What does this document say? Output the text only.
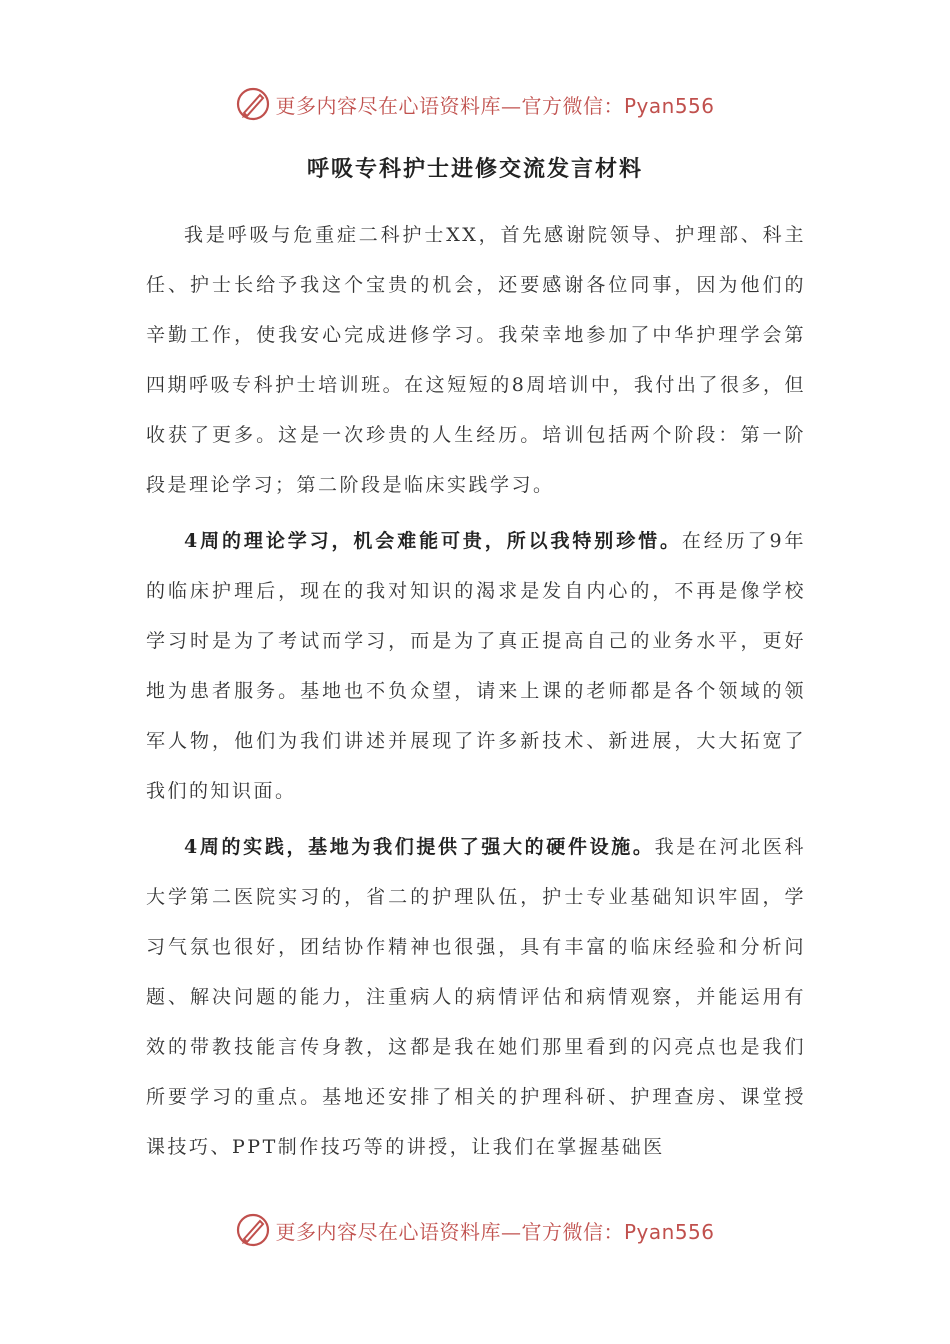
更多内容尽在心语资料库—官方微信：Pyan556
呼吸专科护士进修交流发言材料

我是呼吸与危重症二科护士XX，首先感谢院领导、护理部、科主任、护士长给予我这个宝贵的机会，还要感谢各位同事，因为他们的辛勤工作，使我安心完成进修学习。我荣幸地参加了中华护理学会第四期呼吸专科护士培训班。在这短短的8周培训中，我付出了很多，但收获了更多。这是一次珍贵的人生经历。培训包括两个阶段：第一阶段是理论学习；第二阶段是临床实践学习。

4周的理论学习，机会难能可贵，所以我特别珍惜。在经历了9年的临床护理后，现在的我对知识的渴求是发自内心的，不再是像学校学习时是为了考试而学习，而是为了真正提高自己的业务水平，更好地为患者服务。基地也不负众望，请来上课的老师都是各个领域的领军人物，他们为我们讲述并展现了许多新技术、新进展，大大拓宽了我们的知识面。

4周的实践，基地为我们提供了强大的硬件设施。我是在河北医科大学第二医院实习的，省二的护理队伍，护士专业基础知识牢固，学习气氛也很好，团结协作精神也很强，具有丰富的临床经验和分析问题、解决问题的能力，注重病人的病情评估和病情观察，并能运用有效的带教技能言传身教，这都是我在她们那里看到的闪亮点也是我们所要学习的重点。基地还安排了相关的护理科研、护理查房、课堂授课技巧、PPT制作技巧等的讲授，让我们在掌握基础医

更多内容尽在心语资料库—官方微信：Pyan556
